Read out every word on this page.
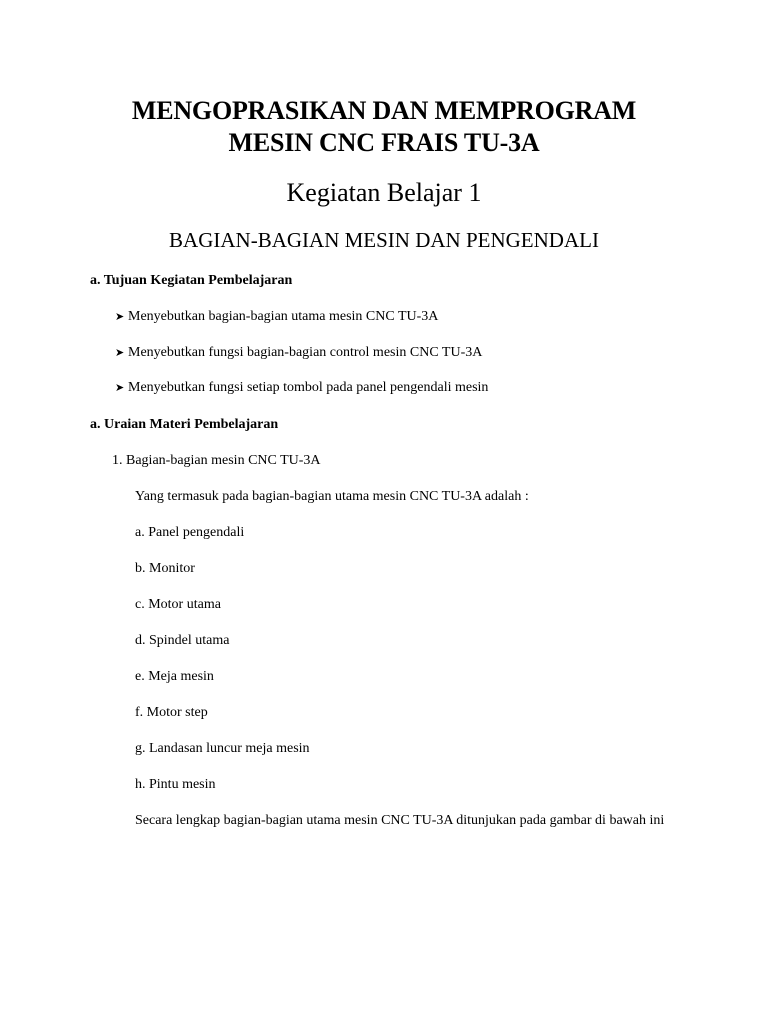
MENGOPRASIKAN DAN MEMPROGRAM
MESIN CNC FRAIS TU-3A
Kegiatan Belajar 1
BAGIAN-BAGIAN MESIN DAN PENGENDALI
a. Tujuan Kegiatan Pembelajaran
➤ Menyebutkan bagian-bagian utama mesin CNC TU-3A
➤ Menyebutkan fungsi bagian-bagian control mesin CNC TU-3A
➤ Menyebutkan fungsi setiap tombol pada panel pengendali mesin
a. Uraian Materi Pembelajaran
1. Bagian-bagian mesin CNC TU-3A
Yang termasuk pada bagian-bagian utama mesin CNC TU-3A adalah :
a. Panel pengendali
b. Monitor
c. Motor utama
d. Spindel utama
e. Meja mesin
f. Motor step
g. Landasan luncur meja mesin
h. Pintu mesin
Secara lengkap bagian-bagian utama mesin CNC TU-3A ditunjukan pada gambar di bawah ini
